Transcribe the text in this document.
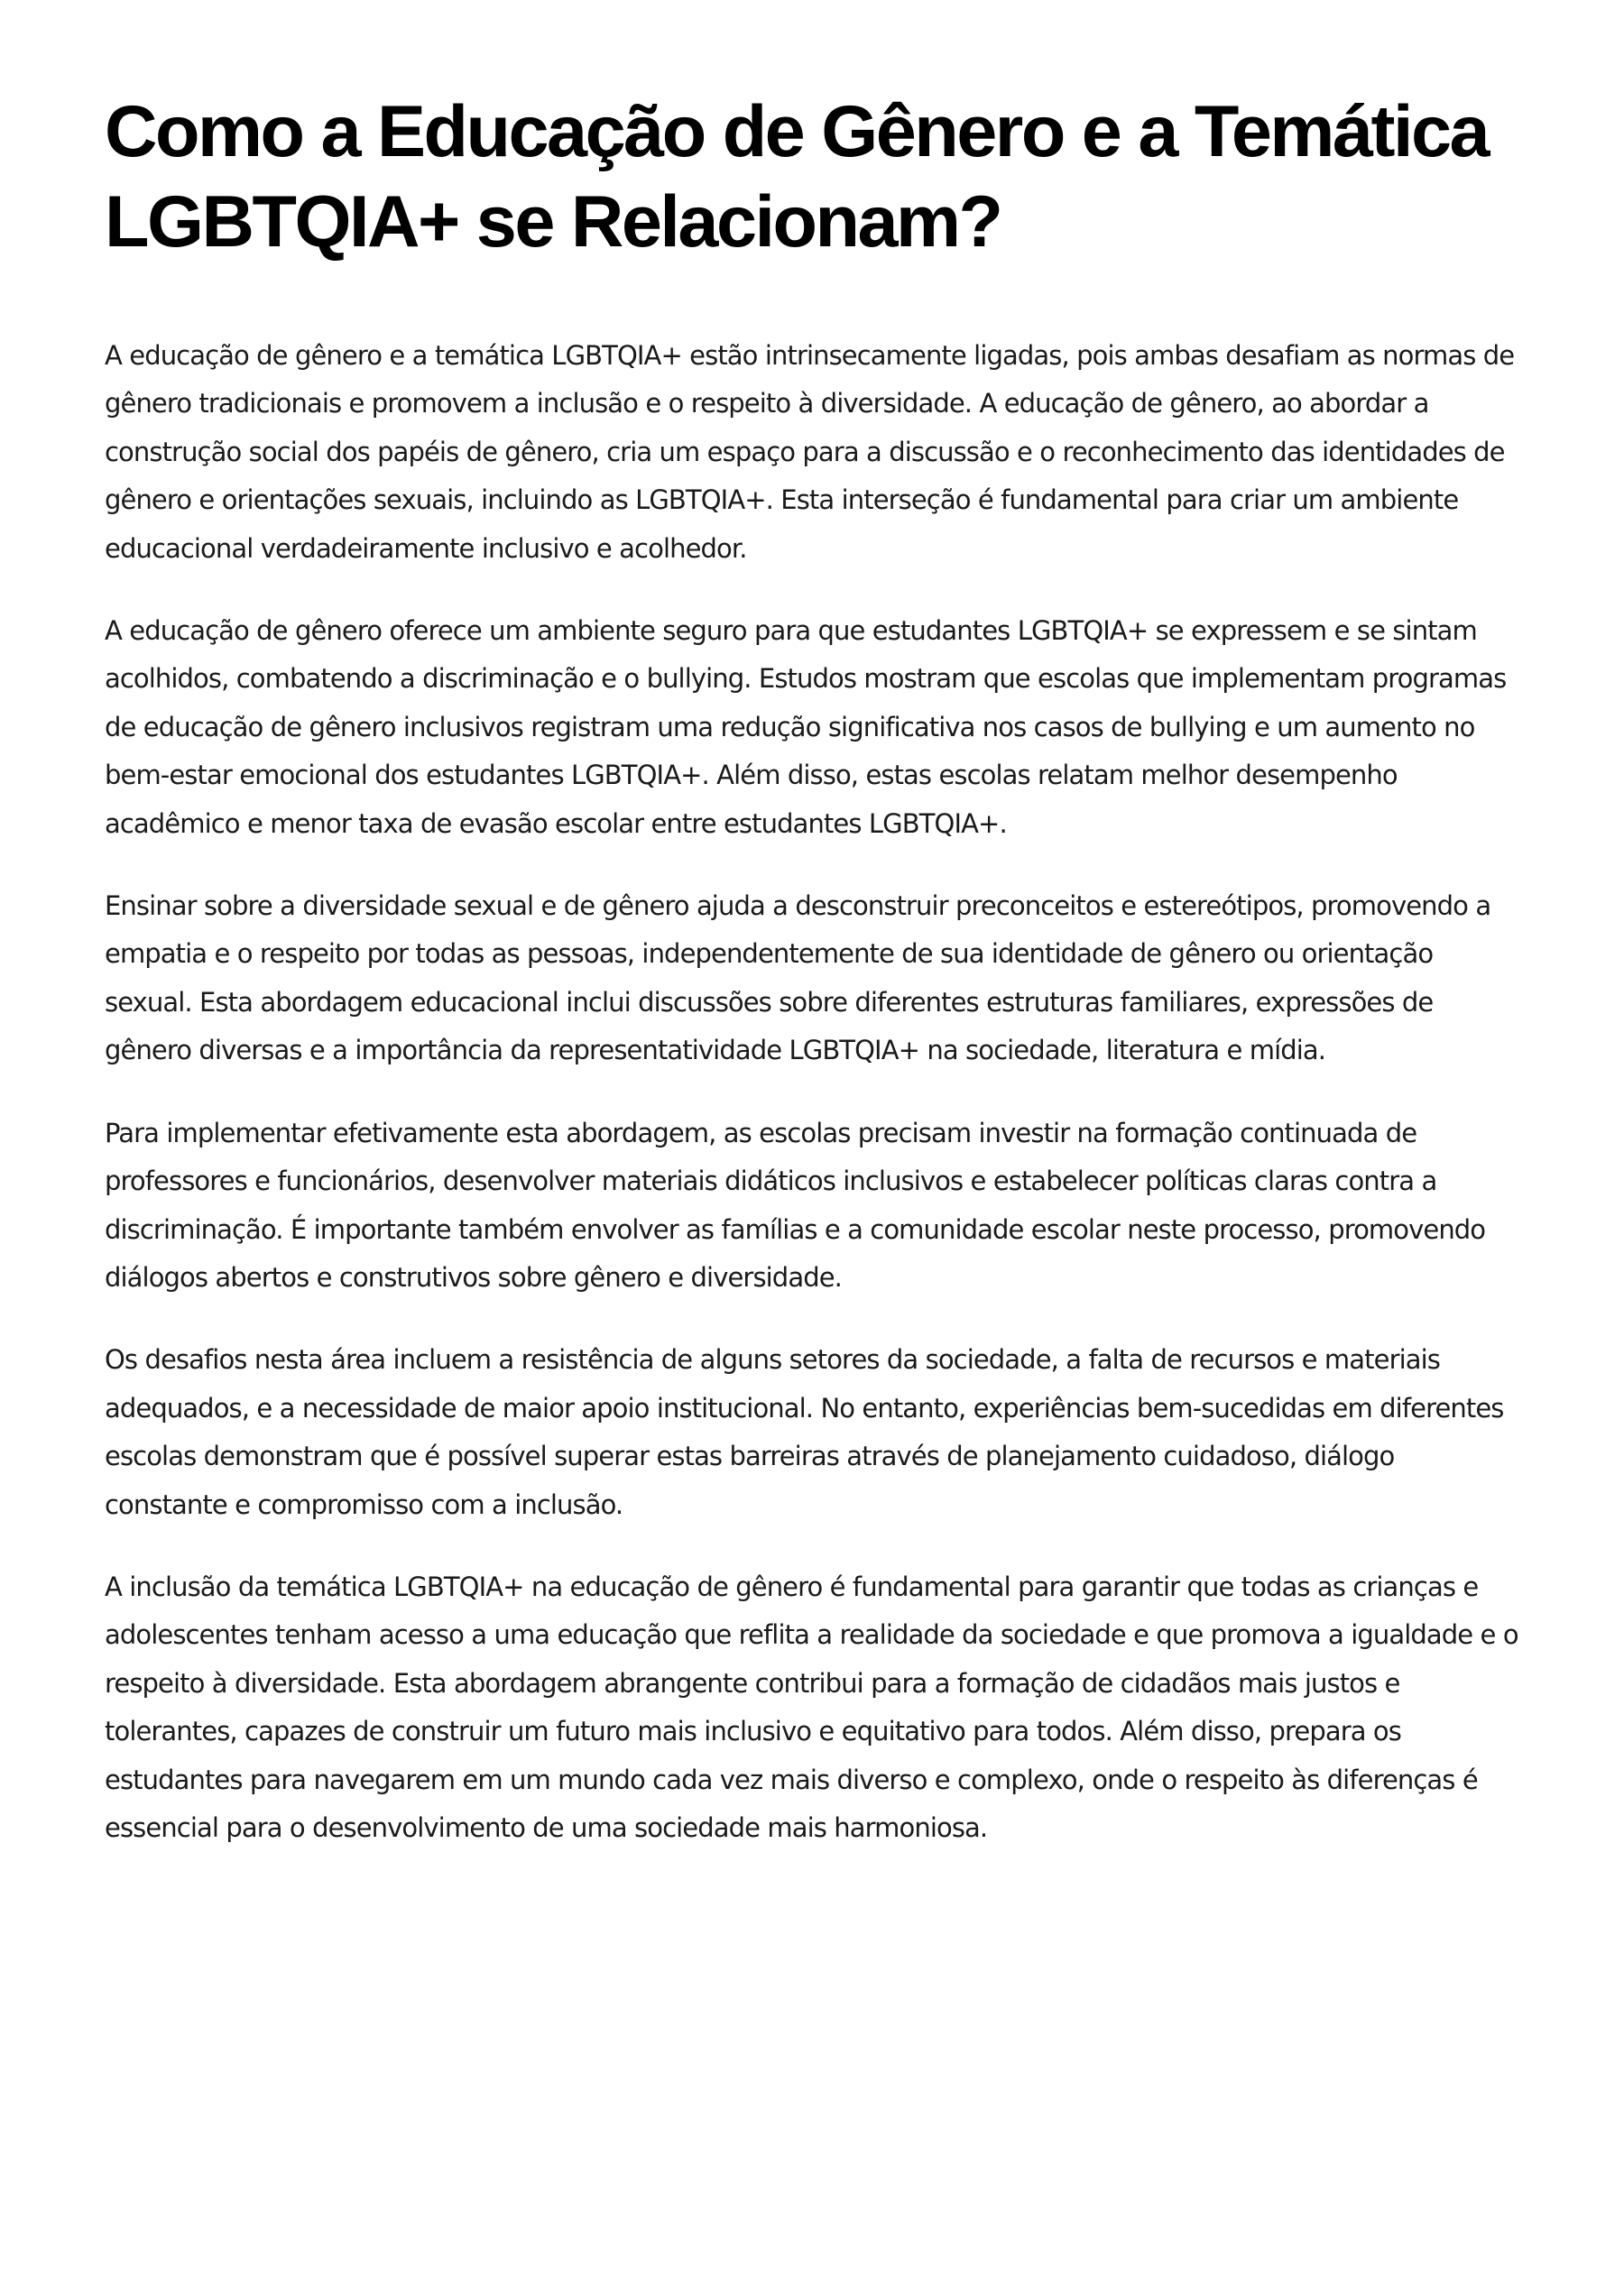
Como a Educação de Gênero e a Temática LGBTQIA+ se Relacionam?

A educação de gênero e a temática LGBTQIA+ estão intrinsecamente ligadas, pois ambas desafiam as normas de gênero tradicionais e promovem a inclusão e o respeito à diversidade. A educação de gênero, ao abordar a construção social dos papéis de gênero, cria um espaço para a discussão e o reconhecimento das identidades de gênero e orientações sexuais, incluindo as LGBTQIA+. Esta interseção é fundamental para criar um ambiente educacional verdadeiramente inclusivo e acolhedor.

A educação de gênero oferece um ambiente seguro para que estudantes LGBTQIA+ se expressem e se sintam acolhidos, combatendo a discriminação e o bullying. Estudos mostram que escolas que implementam programas de educação de gênero inclusivos registram uma redução significativa nos casos de bullying e um aumento no bem-estar emocional dos estudantes LGBTQIA+. Além disso, estas escolas relatam melhor desempenho acadêmico e menor taxa de evasão escolar entre estudantes LGBTQIA+.

Ensinar sobre a diversidade sexual e de gênero ajuda a desconstruir preconceitos e estereótipos, promovendo a empatia e o respeito por todas as pessoas, independentemente de sua identidade de gênero ou orientação sexual. Esta abordagem educacional inclui discussões sobre diferentes estruturas familiares, expressões de gênero diversas e a importância da representatividade LGBTQIA+ na sociedade, literatura e mídia.

Para implementar efetivamente esta abordagem, as escolas precisam investir na formação continuada de professores e funcionários, desenvolver materiais didáticos inclusivos e estabelecer políticas claras contra a discriminação. É importante também envolver as famílias e a comunidade escolar neste processo, promovendo diálogos abertos e construtivos sobre gênero e diversidade.

Os desafios nesta área incluem a resistência de alguns setores da sociedade, a falta de recursos e materiais adequados, e a necessidade de maior apoio institucional. No entanto, experiências bem-sucedidas em diferentes escolas demonstram que é possível superar estas barreiras através de planejamento cuidadoso, diálogo constante e compromisso com a inclusão.

A inclusão da temática LGBTQIA+ na educação de gênero é fundamental para garantir que todas as crianças e adolescentes tenham acesso a uma educação que reflita a realidade da sociedade e que promova a igualdade e o respeito à diversidade. Esta abordagem abrangente contribui para a formação de cidadãos mais justos e tolerantes, capazes de construir um futuro mais inclusivo e equitativo para todos. Além disso, prepara os estudantes para navegarem em um mundo cada vez mais diverso e complexo, onde o respeito às diferenças é essencial para o desenvolvimento de uma sociedade mais harmoniosa.
